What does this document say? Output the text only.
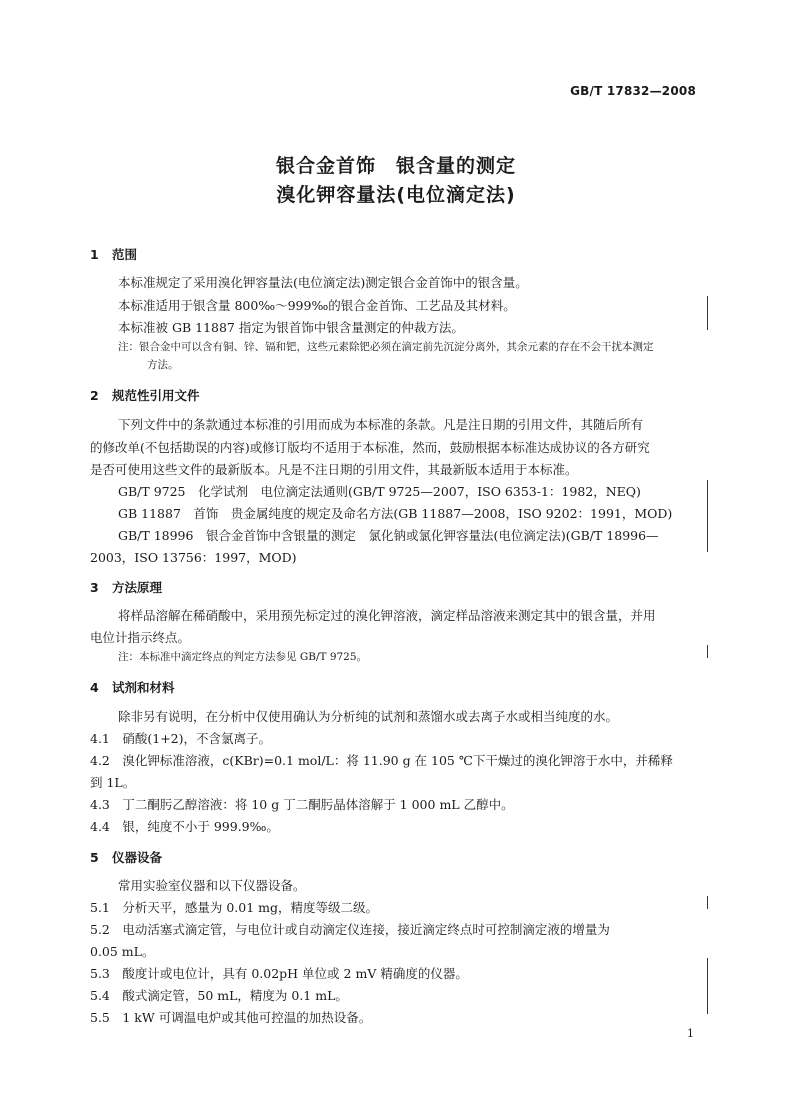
GB/T 17832—2008
银合金首饰　银含量的测定
溴化钾容量法(电位滴定法)
1 范围
本标准规定了采用溴化钾容量法(电位滴定法)测定银合金首饰中的银含量。
本标准适用于银含量 800‰～999‰的银合金首饰、工艺品及其材料。
本标准被 GB 11887 指定为银首饰中银含量测定的仲裁方法。
注：银合金中可以含有铜、锌、镉和钯，这些元素除钯必须在滴定前先沉淀分离外，其余元素的存在不会干扰本测定
方法。
2 规范性引用文件
下列文件中的条款通过本标准的引用而成为本标准的条款。凡是注日期的引用文件，其随后所有
的修改单(不包括勘误的内容)或修订版均不适用于本标准，然而，鼓励根据本标准达成协议的各方研究
是否可使用这些文件的最新版本。凡是不注日期的引用文件，其最新版本适用于本标准。
GB/T 9725　化学试剂　电位滴定法通则(GB/T 9725—2007，ISO 6353-1：1982，NEQ)
GB 11887　首饰　贵金属纯度的规定及命名方法(GB 11887—2008，ISO 9202：1991，MOD)
GB/T 18996　银合金首饰中含银量的测定　氯化钠或氯化钾容量法(电位滴定法)(GB/T 18996—
2003，ISO 13756：1997，MOD)
3 方法原理
将样品溶解在稀硝酸中，采用预先标定过的溴化钾溶液，滴定样品溶液来测定其中的银含量，并用
电位计指示终点。
注：本标准中滴定终点的判定方法参见 GB/T 9725。
4 试剂和材料
除非另有说明，在分析中仅使用确认为分析纯的试剂和蒸馏水或去离子水或相当纯度的水。
4.1　硝酸(1+2)，不含氯离子。
4.2　溴化钾标准溶液，c(KBr)=0.1 mol/L：将 11.90 g 在 105 ℃下干燥过的溴化钾溶于水中，并稀释
到 1L。
4.3　丁二酮肟乙醇溶液：将 10 g 丁二酮肟晶体溶解于 1 000 mL 乙醇中。
4.4　银，纯度不小于 999.9‰。
5 仪器设备
常用实验室仪器和以下仪器设备。
5.1　分析天平，感量为 0.01 mg，精度等级二级。
5.2　电动活塞式滴定管，与电位计或自动滴定仪连接，接近滴定终点时可控制滴定液的增量为
0.05 mL。
5.3　酸度计或电位计，具有 0.02pH 单位或 2 mV 精确度的仪器。
5.4　酸式滴定管，50 mL，精度为 0.1 mL。
5.5　1 kW 可调温电炉或其他可控温的加热设备。
1
